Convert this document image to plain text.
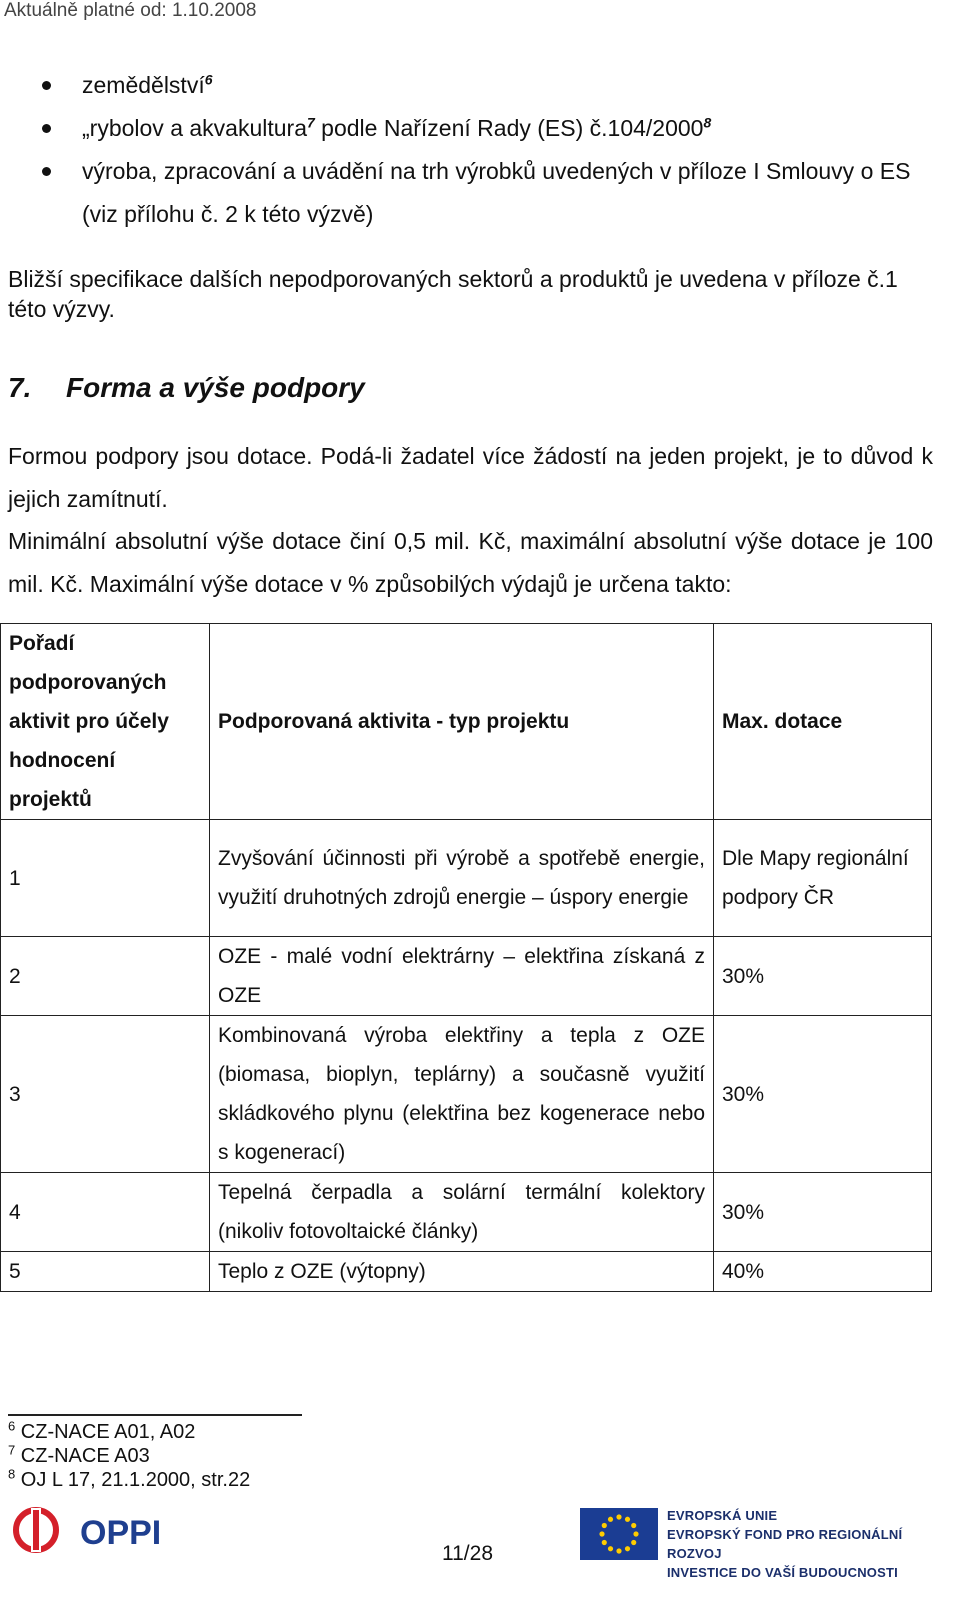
Aktuálně platné od: 1.10.2008
zemědělství$^6$
„rybolov a akvakultura$^7$ podle Nařízení Rady (ES) č.104/2000$^8$
výroba, zpracování a uvádění na trh výrobků uvedených v příloze I Smlouvy o ES (viz přílohu č. 2 k této výzvě)
Bližší specifikace dalších nepodporovaných sektorů a produktů je uvedena v příloze č.1 této výzvy.
7. Forma a výše podpory
Formou podpory jsou dotace. Podá-li žadatel více žádostí na jeden projekt, je to důvod k jejich zamítnutí.
Minimální absolutní výše dotace činí 0,5 mil. Kč, maximální absolutní výše dotace je 100 mil. Kč. Maximální výše dotace v % způsobilých výdajů je určena takto:
Pořadí podporovaných aktivit pro účely hodnocení projektů	Podporovaná aktivita - typ projektu	Max. dotace
1	Zvyšování účinnosti při výrobě a spotřebě energie, využití druhotných zdrojů energie – úspory energie	Dle Mapy regionální podpory ČR
2	OZE - malé vodní elektrárny – elektřina získaná z OZE	30%
3	Kombinovaná výroba elektřiny a tepla z OZE (biomasa, bioplyn, teplárny) a současně využití skládkového plynu (elektřina bez kogenerace nebo s kogenerací)	30%
4	Tepelná čerpadla a solární termální kolektory (nikoliv fotovoltaické články)	30%
5	Teplo z OZE (výtopny)	40%
$^6$ CZ-NACE A01, A02
$^7$ CZ-NACE A03
$^8$ OJ L 17, 21.1.2000, str.22
OPPI
11/28
EVROPSKÁ UNIE
EVROPSKÝ FOND PRO REGIONÁLNÍ ROZVOJ
INVESTICE DO VAŠÍ BUDOUCNOSTI
